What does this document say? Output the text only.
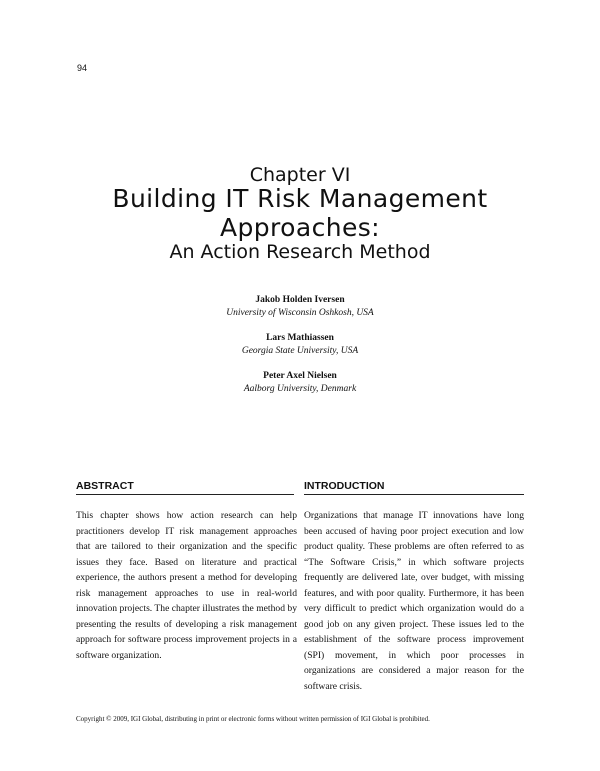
94
Chapter VI
Building IT Risk Management
Approaches:
An Action Research Method
Jakob Holden Iversen
University of Wisconsin Oshkosh, USA
Lars Mathiassen
Georgia State University, USA
Peter Axel Nielsen
Aalborg University, Denmark
ABSTRACT

This chapter shows how action research can help practitioners develop IT risk management approaches that are tailored to their organization and the specific issues they face. Based on literature and practical experience, the authors present a method for developing risk management approaches to use in real-world innovation projects. The chapter illustrates the method by presenting the results of developing a risk management approach for software process improvement projects in a software organization.

INTRODUCTION

Organizations that manage IT innovations have long been accused of having poor project execution and low product quality. These problems are often referred to as “The Software Crisis,” in which software projects frequently are delivered late, over budget, with missing features, and with poor quality. Furthermore, it has been very difficult to predict which organization would do a good job on any given project. These issues led to the establishment of the software process improvement (SPI) movement, in which poor processes in organizations are considered a major reason for the software crisis.

Copyright © 2009, IGI Global, distributing in print or electronic forms without written permission of IGI Global is prohibited.
